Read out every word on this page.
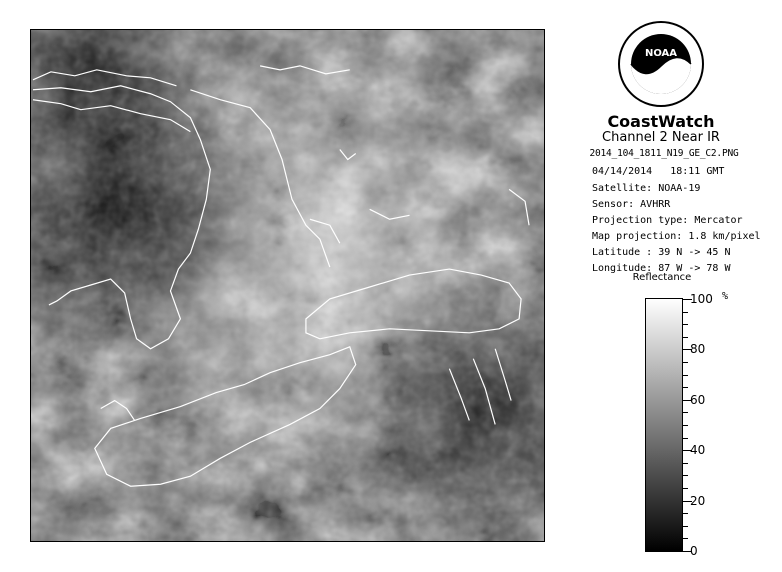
NOAA
CoastWatch
Channel 2 Near IR
2014_104_1811_N19_GE_C2.PNG
04/14/2014 18:11 GMT
Satellite: NOAA-19
Sensor: AVHRR
Projection type: Mercator
Map projection: 1.8 km/pixel
Latitude : 39 N -> 45 N
Longitude: 87 W -> 78 W
Reflectance
%
100
80
60
40
20
0
